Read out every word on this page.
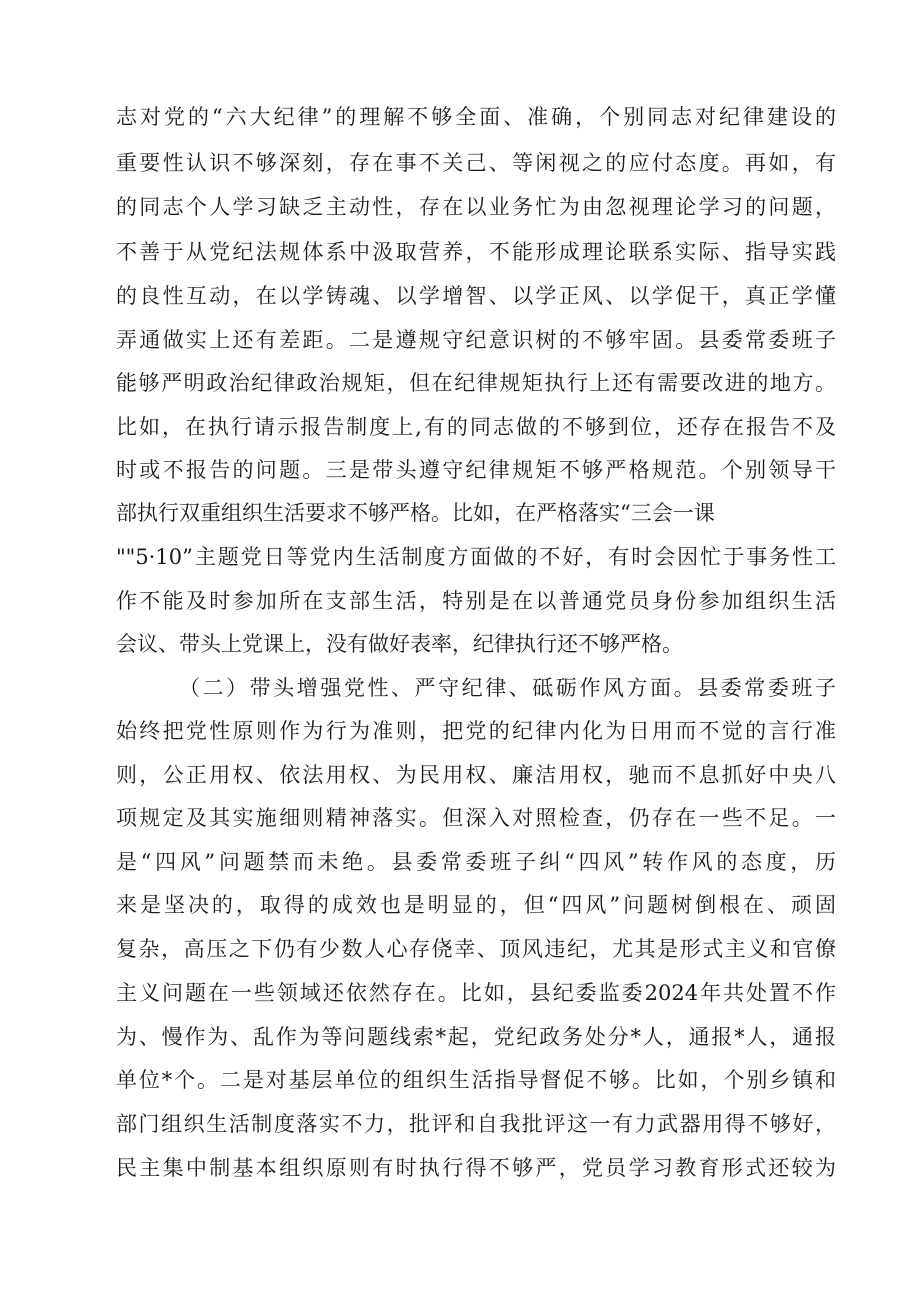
志对党的“六大纪律”的理解不够全面、准确，个别同志对纪律建设的
重要性认识不够深刻，存在事不关己、等闲视之的应付态度。再如，有
的同志个人学习缺乏主动性，存在以业务忙为由忽视理论学习的问题，
不善于从党纪法规体系中汲取营养，不能形成理论联系实际、指导实践
的良性互动，在以学铸魂、以学增智、以学正风、以学促干，真正学懂
弄通做实上还有差距。二是遵规守纪意识树的不够牢固。县委常委班子
能够严明政治纪律政治规矩，但在纪律规矩执行上还有需要改进的地方。
比如，在执行请示报告制度上,有的同志做的不够到位，还存在报告不及
时或不报告的问题。三是带头遵守纪律规矩不够严格规范。个别领导干
部执行双重组织生活要求不够严格。比如，在严格落实“三会一课
""5·10”主题党日等党内生活制度方面做的不好，有时会因忙于事务性工
作不能及时参加所在支部生活，特别是在以普通党员身份参加组织生活
会议、带头上党课上，没有做好表率，纪律执行还不够严格。
（二）带头增强党性、严守纪律、砥砺作风方面。县委常委班子
始终把党性原则作为行为准则，把党的纪律内化为日用而不觉的言行准
则，公正用权、依法用权、为民用权、廉洁用权，驰而不息抓好中央八
项规定及其实施细则精神落实。但深入对照检查，仍存在一些不足。一
是“四风”问题禁而未绝。县委常委班子纠“四风”转作风的态度，历
来是坚决的，取得的成效也是明显的，但“四风”问题树倒根在、顽固
复杂，高压之下仍有少数人心存侥幸、顶风违纪，尤其是形式主义和官僚
主义问题在一些领域还依然存在。比如，县纪委监委2024年共处置不作
为、慢作为、乱作为等问题线索*起，党纪政务处分*人，通报*人，通报
单位*个。二是对基层单位的组织生活指导督促不够。比如，个别乡镇和
部门组织生活制度落实不力，批评和自我批评这一有力武器用得不够好，
民主集中制基本组织原则有时执行得不够严，党员学习教育形式还较为
